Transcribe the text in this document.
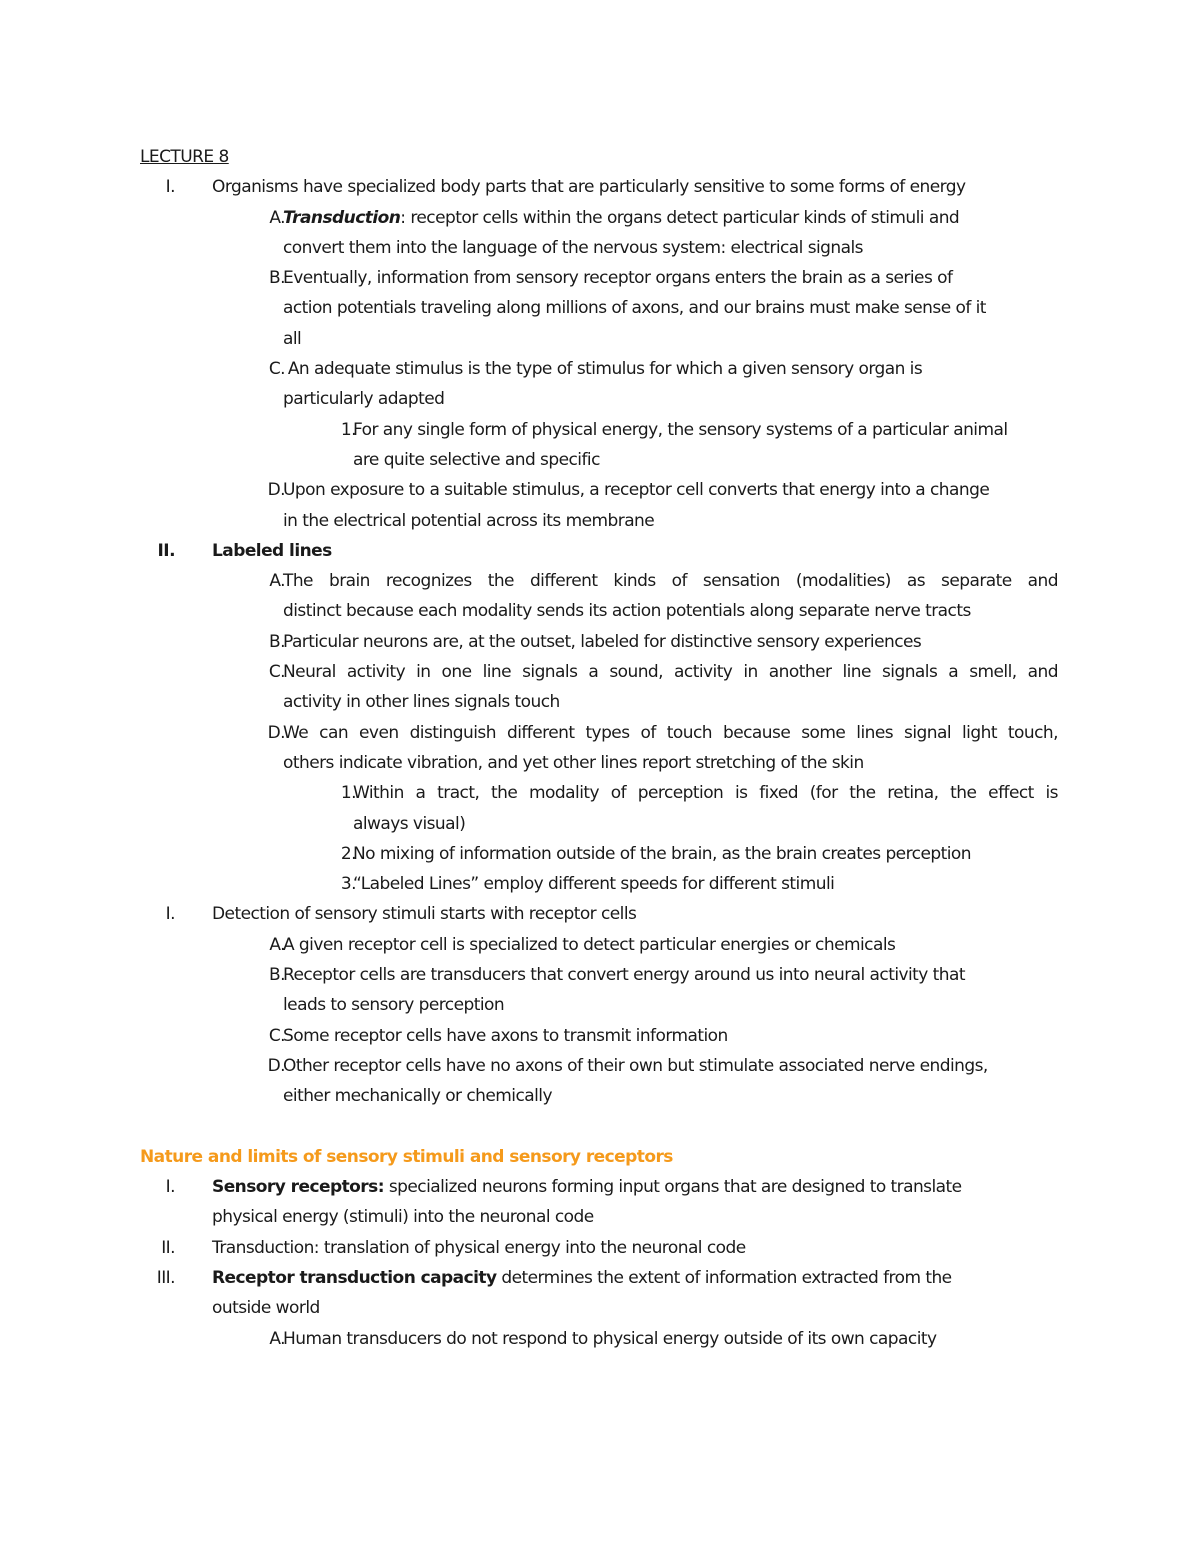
LECTURE 8
I. Organisms have specialized body parts that are particularly sensitive to some forms of energy
A.
Transduction: receptor cells within the organs detect particular kinds of stimuli and
convert them into the language of the nervous system: electrical signals
B.
Eventually, information from sensory receptor organs enters the brain as a series of
action potentials traveling along millions of axons, and our brains must make sense of it
all
C.
An adequate stimulus is the type of stimulus for which a given sensory organ is
particularly adapted
1.
For any single form of physical energy, the sensory systems of a particular animal
are quite selective and specific
D.
Upon exposure to a suitable stimulus, a receptor cell converts that energy into a change
in the electrical potential across its membrane
II. Labeled lines
A.
The brain recognizes the different kinds of sensation (modalities) as separate and
distinct because each modality sends its action potentials along separate nerve tracts
B.
Particular neurons are, at the outset, labeled for distinctive sensory experiences
C.
Neural activity in one line signals a sound, activity in another line signals a smell, and
activity in other lines signals touch
D.
We can even distinguish different types of touch because some lines signal light touch,
others indicate vibration, and yet other lines report stretching of the skin
1.
Within a tract, the modality of perception is fixed (for the retina, the effect is
always visual)
2.
No mixing of information outside of the brain, as the brain creates perception
3.
“Labeled Lines” employ different speeds for different stimuli
I. Detection of sensory stimuli starts with receptor cells
A.
A given receptor cell is specialized to detect particular energies or chemicals
B.
Receptor cells are transducers that convert energy around us into neural activity that
leads to sensory perception
C.
Some receptor cells have axons to transmit information
D.
Other receptor cells have no axons of their own but stimulate associated nerve endings,
either mechanically or chemically
Nature and limits of sensory stimuli and sensory receptors
I. Sensory receptors: specialized neurons forming input organs that are designed to translate
physical energy (stimuli) into the neuronal code
II. Transduction: translation of physical energy into the neuronal code
III. Receptor transduction capacity determines the extent of information extracted from the
outside world
A.
Human transducers do not respond to physical energy outside of its own capacity
